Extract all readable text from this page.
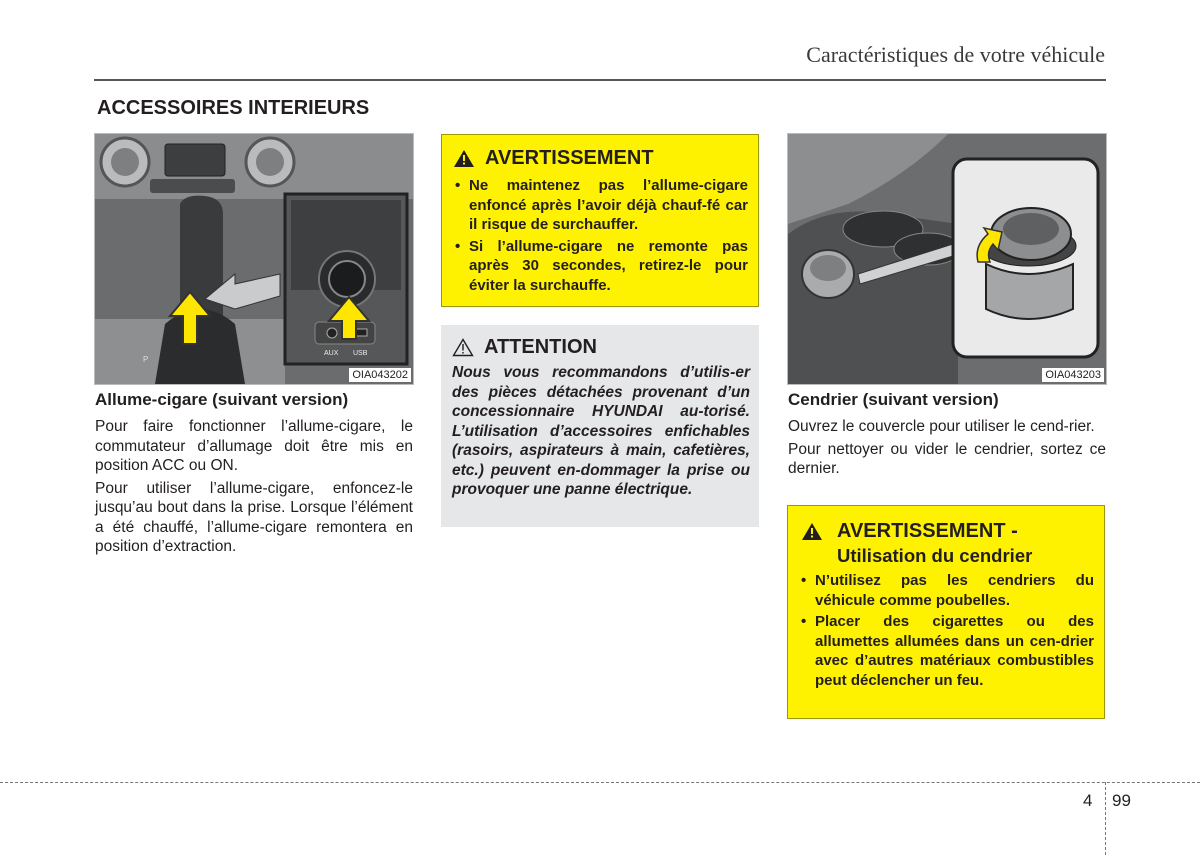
Caractéristiques de votre véhicule
ACCESSOIRES INTERIEURS
P
AUX USB
OIA043202
Allume-cigare (suivant version)

Pour faire fonctionner l’allume-cigare, le commutateur d’allumage doit être mis en position ACC ou ON.

Pour utiliser l’allume-cigare, enfoncez-le jusqu’au bout dans la prise. Lorsque l’élément a été chauffé, l’allume-cigare remontera en position d’extraction.

AVERTISSEMENT
• Ne maintenez pas l’allume-cigare enfoncé après l’avoir déjà chauf-fé car il risque de surchauffer.
• Si l’allume-cigare ne remonte pas après 30 secondes, retirez-le pour éviter la surchauffe.
ATTENTION

Nous vous recommandons d’utilis-er des pièces détachées provenant d’un concessionnaire HYUNDAI au-torisé. L’utilisation d’accessoires enfichables (rasoirs, aspirateurs à main, cafetières, etc.) peuvent en-dommager la prise ou provoquer une panne électrique.

OIA043203
Cendrier (suivant version)

Ouvrez le couvercle pour utiliser le cend-rier.

Pour nettoyer ou vider le cendrier, sortez ce dernier.

AVERTISSEMENT -
Utilisation du cendrier
• N’utilisez pas les cendriers du véhicule comme poubelles.
• Placer des cigarettes ou des allumettes allumées dans un cen-drier avec d’autres matériaux combustibles peut déclencher un feu.
4 99
